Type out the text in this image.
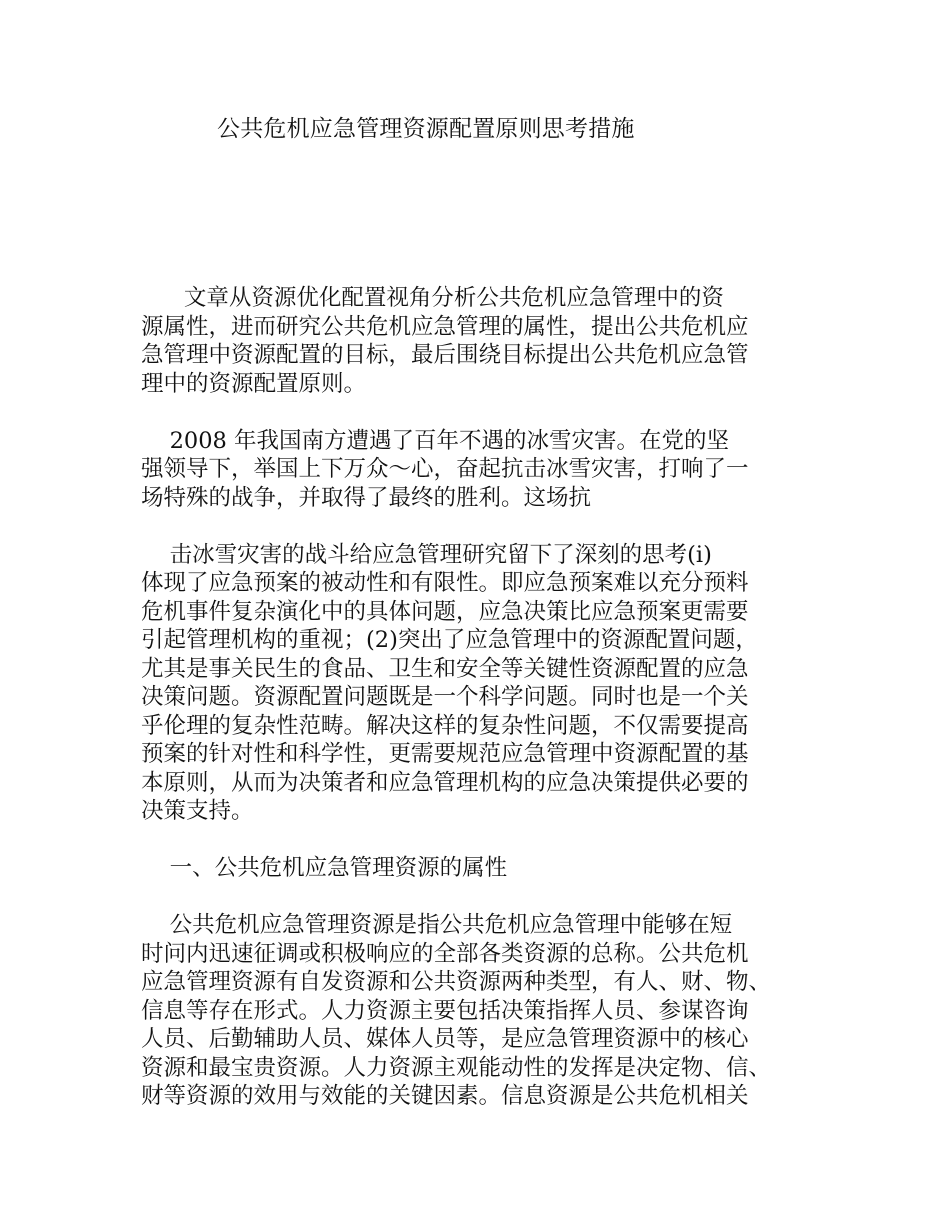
公共危机应急管理资源配置原则思考措施
文章从资源优化配置视角分析公共危机应急管理中的资
源属性，进而研究公共危机应急管理的属性，提出公共危机应
急管理中资源配置的目标，最后围绕目标提出公共危机应急管
理中的资源配置原则。
2008 年我国南方遭遇了百年不遇的冰雪灾害。在党的坚
强领导下，举国上下万众～心，奋起抗击冰雪灾害，打响了一
场特殊的战争，并取得了最终的胜利。这场抗
击冰雪灾害的战斗给应急管理研究留下了深刻的思考(i)
体现了应急预案的被动性和有限性。即应急预案难以充分预料
危机事件复杂演化中的具体问题，应急决策比应急预案更需要
引起管理机构的重视；(2)突出了应急管理中的资源配置问题，
尤其是事关民生的食品、卫生和安全等关键性资源配置的应急
决策问题。资源配置问题既是一个科学问题。同时也是一个关
乎伦理的复杂性范畴。解决这样的复杂性问题，不仅需要提高
预案的针对性和科学性，更需要规范应急管理中资源配置的基
本原则，从而为决策者和应急管理机构的应急决策提供必要的
决策支持。
一、公共危机应急管理资源的属性
公共危机应急管理资源是指公共危机应急管理中能够在短
时问内迅速征调或积极响应的全部各类资源的总称。公共危机
应急管理资源有自发资源和公共资源两种类型，有人、财、物、
信息等存在形式。人力资源主要包括决策指挥人员、参谋咨询
人员、后勤辅助人员、媒体人员等，是应急管理资源中的核心
资源和最宝贵资源。人力资源主观能动性的发挥是决定物、信、
财等资源的效用与效能的关键因素。信息资源是公共危机相关
